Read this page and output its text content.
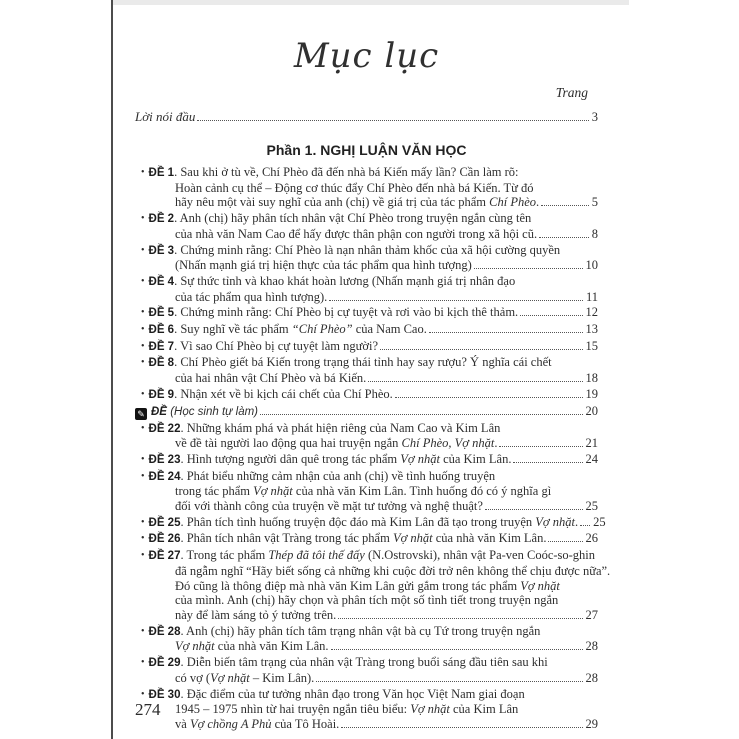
Mục lục
Trang
Lời nói đầu	3
Phần 1. NGHỊ LUẬN VĂN HỌC
• ĐỀ 1. Sau khi ở tù về, Chí Phèo đã đến nhà bá Kiến mấy lần? Cần làm rõ:
Hoàn cảnh cụ thể – Động cơ thúc đẩy Chí Phèo đến nhà bá Kiến. Từ đó
hãy nêu một vài suy nghĩ của anh (chị) về giá trị của tác phẩm Chí Phèo.	5
• ĐỀ 2. Anh (chị) hãy phân tích nhân vật Chí Phèo trong truyện ngắn cùng tên
của nhà văn Nam Cao để hấy được thân phận con người trong xã hội cũ.	8
• ĐỀ 3. Chứng minh rằng: Chí Phèo là nạn nhân thảm khốc của xã hội cường quyền
(Nhấn mạnh giá trị hiện thực của tác phẩm qua hình tượng)	10
• ĐỀ 4. Sự thức tỉnh và khao khát hoàn lương (Nhấn mạnh giá trị nhân đạo
của tác phẩm qua hình tượng).	11
• ĐỀ 5. Chứng minh rằng: Chí Phèo bị cự tuyệt và rơi vào bi kịch thê thảm.	12
• ĐỀ 6. Suy nghĩ về tác phẩm “Chí Phèo” của Nam Cao.	13
• ĐỀ 7. Vì sao Chí Phèo bị cự tuyệt làm người?	15
• ĐỀ 8. Chí Phèo giết bá Kiến trong trạng thái tỉnh hay say rượu? Ý nghĩa cái chết
của hai nhân vật Chí Phèo và bá Kiến.	18
• ĐỀ 9. Nhận xét về bi kịch cái chết của Chí Phèo.	19
✎ ĐỀ (Học sinh tự làm)	20
• ĐỀ 22. Những khám phá và phát hiện riêng của Nam Cao và Kim Lân
về đề tài người lao động qua hai truyện ngắn Chí Phèo, Vợ nhặt.	21
• ĐỀ 23. Hình tượng người dân quê trong tác phẩm Vợ nhặt của Kim Lân.	24
• ĐỀ 24. Phát biểu những cảm nhận của anh (chị) về tình huống truyện
trong tác phẩm Vợ nhặt của nhà văn Kim Lân. Tình huống đó có ý nghĩa gì
đối với thành công của truyện về mặt tư tưởng và nghệ thuật?	25
• ĐỀ 25. Phân tích tình huống truyện độc đáo mà Kim Lân đã tạo trong truyện Vợ nhặt. 25
• ĐỀ 26. Phân tích nhân vật Tràng trong tác phẩm Vợ nhặt của nhà văn Kim Lân.	26
• ĐỀ 27. Trong tác phẩm Thép đã tôi thế đấy (N.Ostrovski), nhân vật Pa-ven Coóc-so-ghin
đã ngẫm nghĩ “Hãy biết sống cả những khi cuộc đời trở nên không thể chịu được nữa”.
Đó cũng là thông điệp mà nhà văn Kim Lân gửi gắm trong tác phẩm Vợ nhặt
của mình. Anh (chị) hãy chọn và phân tích một số tình tiết trong truyện ngắn
này để làm sáng tỏ ý tưởng trên.	27
• ĐỀ 28. Anh (chị) hãy phân tích tâm trạng nhân vật bà cụ Tứ trong truyện ngắn
Vợ nhặt của nhà văn Kim Lân.	28
• ĐỀ 29. Diễn biến tâm trạng của nhân vật Tràng trong buổi sáng đầu tiên sau khi
có vợ (Vợ nhặt – Kim Lân).	28
• ĐỀ 30. Đặc điểm của tư tưởng nhân đạo trong Văn học Việt Nam giai đoạn
1945 – 1975 nhìn từ hai truyện ngắn tiêu biểu: Vợ nhặt của Kim Lân
và Vợ chồng A Phủ của Tô Hoài.	29
274
